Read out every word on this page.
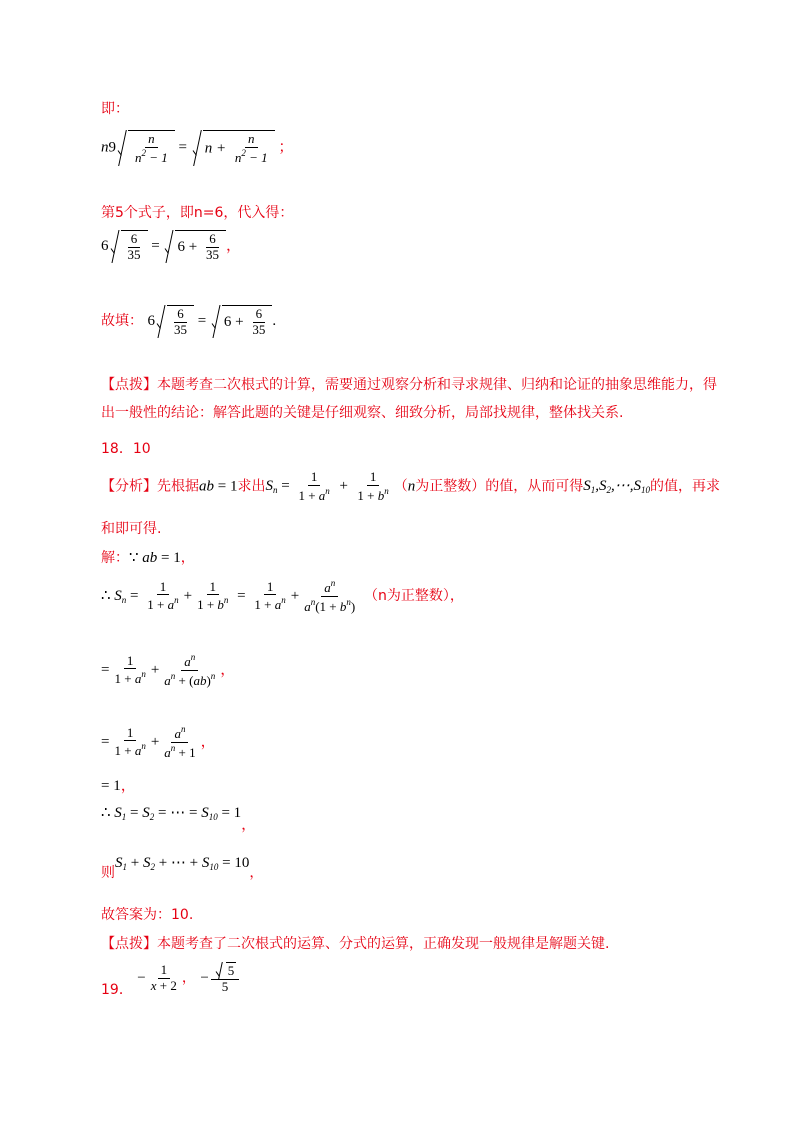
即：
$n9 \frac{n}{n^2 - 1} = n + \frac{n}{n^2 - 1}$ ；
第5个式子，即n=6，代入得：
$6 \frac{6}{35} = 6 + \frac{6}{35}$ ，
故填： $6 \frac{6}{35} = 6 + \frac{6}{35}$ .
【点拨】本题考查二次根式的计算，需要通过观察分析和寻求规律、归纳和论证的抽象思维能力，得
出一般性的结论：解答此题的关键是仔细观察、细致分析，局部找规律，整体找关系.
18．10
【分析】先根据ab = 1求出$S_n = \frac{1}{1 + a^n} + \frac{1}{1 + b^n} (n$为正整数）的值，从而可得$S_1,S_2,\cdots,S_{10}$的值，再求
和即可得.
解：∵ ab = 1，
∴ $S_n = \frac{1}{1 + a^n} + \frac{1}{1 + b^n} = \frac{1}{1 + a^n} + \frac{a^n}{a^n(1 + b^n)} (n$为正整数），
= $\frac{1}{1 + a^n} + \frac{a^n}{a^n + (ab)^n}$ ，
= $\frac{1}{1 + a^n} + \frac{a^n}{a^n + 1}$ ，
= 1，
∴ $S_1 = S_2$ = ⋯ = $S_{10} = 1$，
则$S_1 + S_2$ + ⋯ + $S_{10} = 10$，
故答案为：10.
【点拨】本题考查了二次根式的运算、分式的运算，正确发现一般规律是解题关键.
19． − $\frac{1}{x + 2}$ ， − $\frac{5}{5}$
